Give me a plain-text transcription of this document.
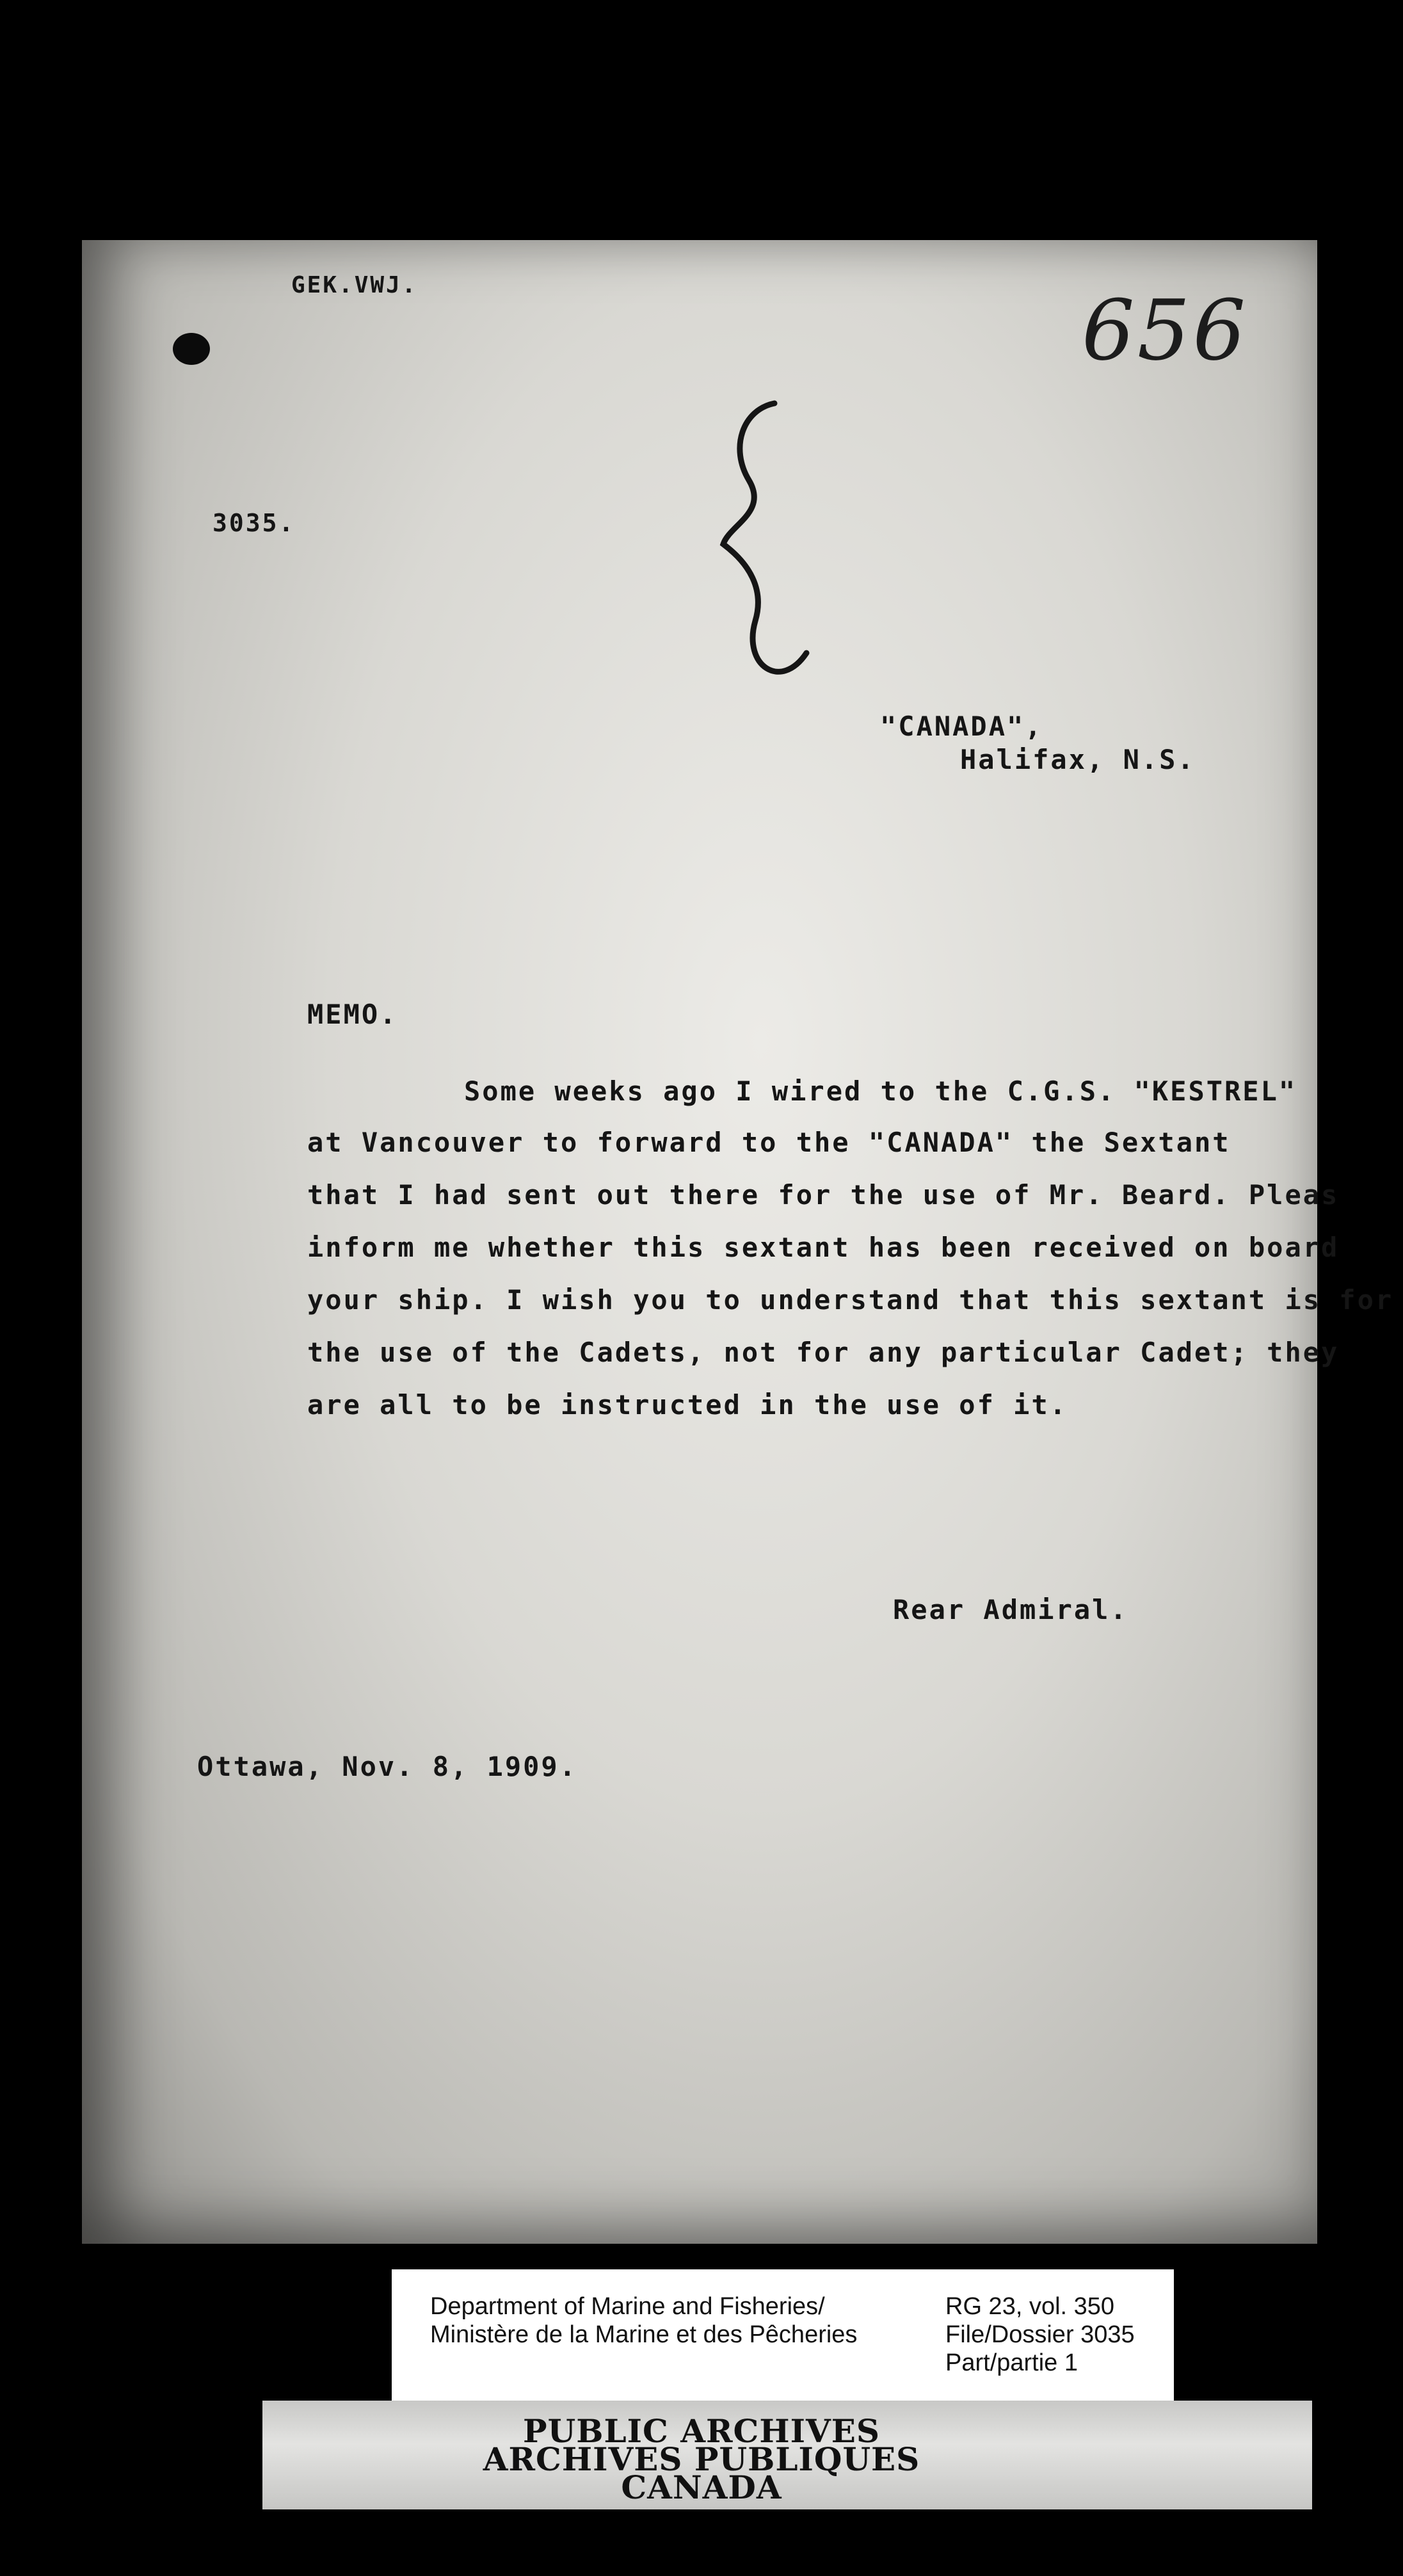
GEK.VWJ.	656
3035.
"CANADA",
Halifax, N.S.
MEMO.
Some weeks ago I wired to the C.G.S. "KESTREL"
at Vancouver to forward to the "CANADA" the Sextant
that I had sent out there for the use of Mr. Beard. Pleas
inform me whether this sextant has been received on board
your ship. I wish you to understand that this sextant is for
the use of the Cadets, not for any particular Cadet; they
are all to be instructed in the use of it.
Rear Admiral.
Ottawa, Nov. 8, 1909.
Department of Marine and Fisheries/
Ministère de la Marine et des Pêcheries
RG 23, vol. 350
File/Dossier 3035
Part/partie 1
PUBLIC ARCHIVES
ARCHIVES PUBLIQUES
CANADA
